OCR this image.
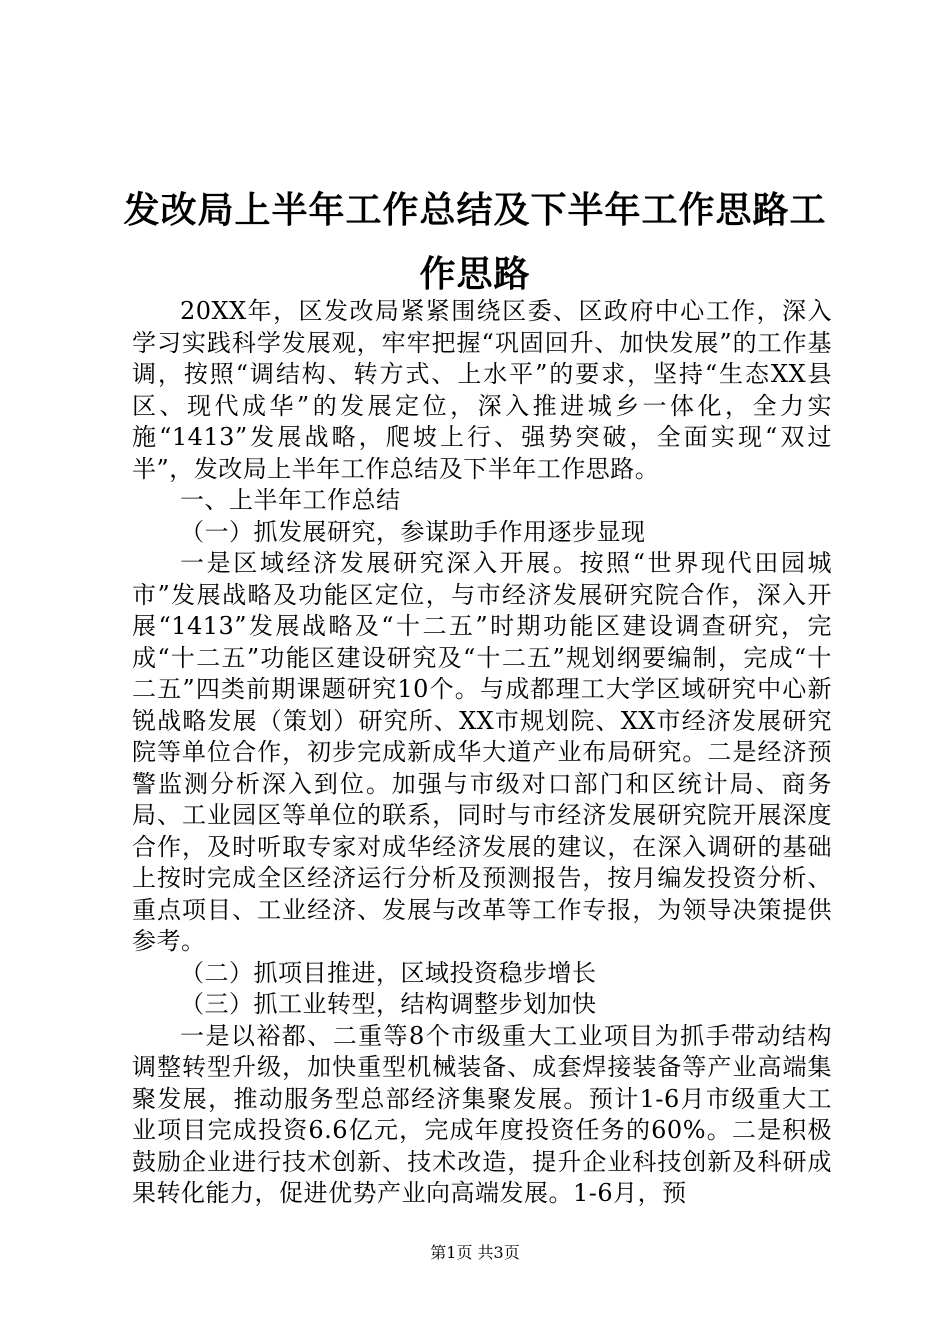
发改局上半年工作总结及下半年工作思路工作思路

20XX年，区发改局紧紧围绕区委、区政府中心工作，深入学习实践科学发展观，牢牢把握“巩固回升、加快发展”的工作基调，按照“调结构、转方式、上水平”的要求，坚持“生态XX县区、现代成华”的发展定位，深入推进城乡一体化，全力实施“1413”发展战略，爬坡上行、强势突破，全面实现“双过半”，发改局上半年工作总结及下半年工作思路。

一、上半年工作总结

（一）抓发展研究，参谋助手作用逐步显现

一是区域经济发展研究深入开展。按照“世界现代田园城市”发展战略及功能区定位，与市经济发展研究院合作，深入开展“1413”发展战略及“十二五”时期功能区建设调查研究，完成“十二五”功能区建设研究及“十二五”规划纲要编制，完成“十二五”四类前期课题研究10个。与成都理工大学区域研究中心新锐战略发展（策划）研究所、XX市规划院、XX市经济发展研究院等单位合作，初步完成新成华大道产业布局研究。二是经济预警监测分析深入到位。加强与市级对口部门和区统计局、商务局、工业园区等单位的联系，同时与市经济发展研究院开展深度合作，及时听取专家对成华经济发展的建议，在深入调研的基础上按时完成全区经济运行分析及预测报告，按月编发投资分析、重点项目、工业经济、发展与改革等工作专报，为领导决策提供参考。

（二）抓项目推进，区域投资稳步增长

（三）抓工业转型，结构调整步划加快

一是以裕都、二重等8个市级重大工业项目为抓手带动结构调整转型升级，加快重型机械装备、成套焊接装备等产业高端集聚发展，推动服务型总部经济集聚发展。预计1-6月市级重大工业项目完成投资6.6亿元，完成年度投资任务的60%。二是积极鼓励企业进行技术创新、技术改造，提升企业科技创新及科研成果转化能力，促进优势产业向高端发展。1-6月，预

第1页 共3页
